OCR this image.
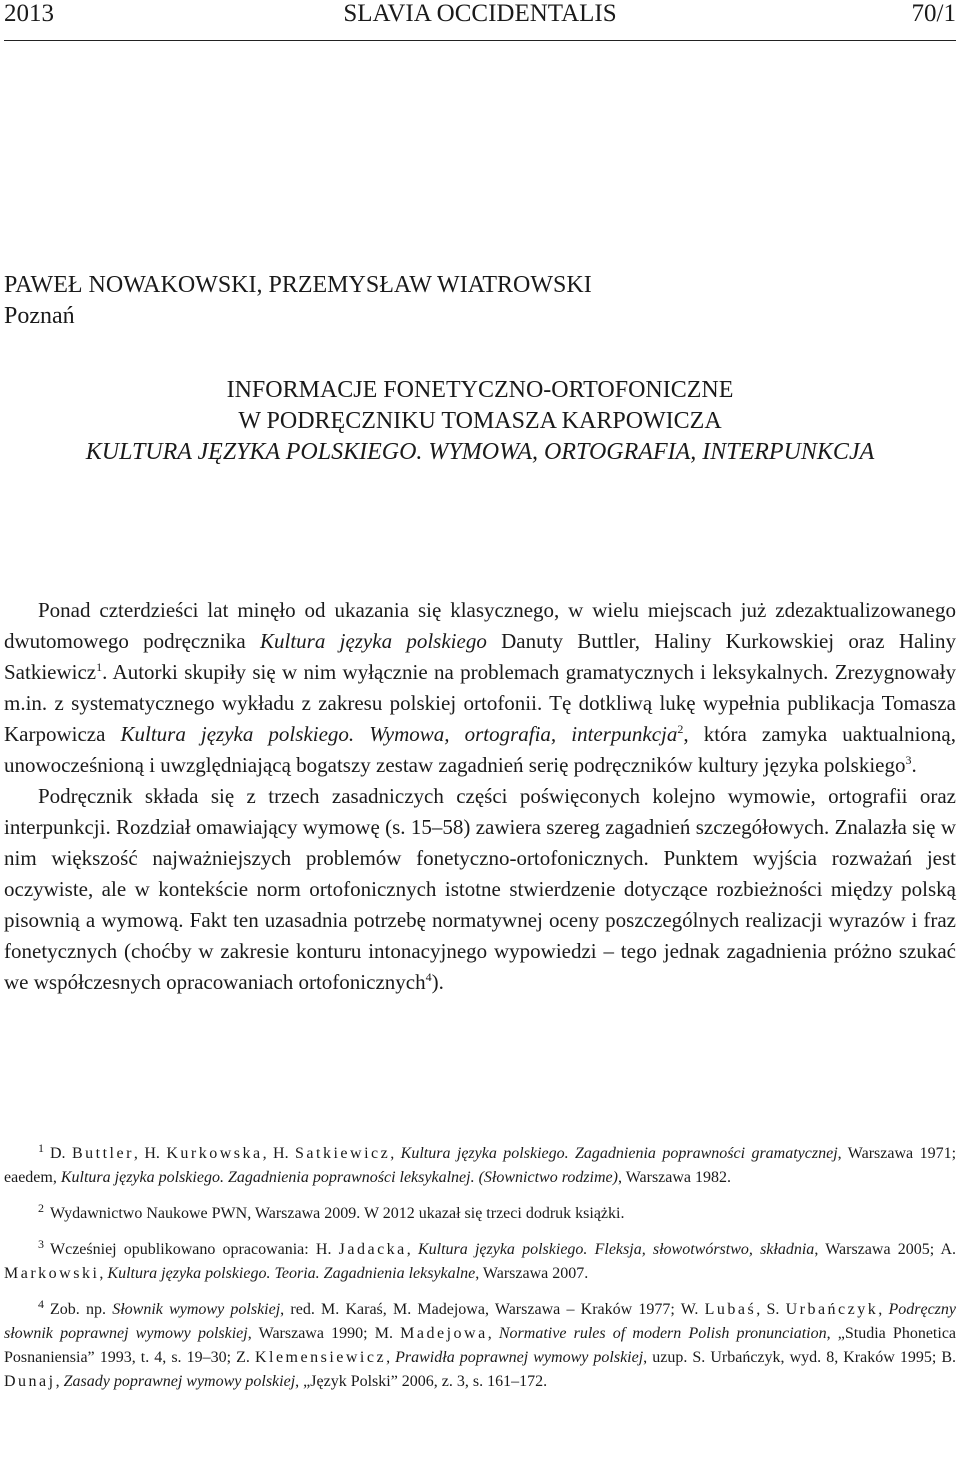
2013	SLAVIA OCCIDENTALIS	70/1
PAWEŁ NOWAKOWSKI, PRZEMYSŁAW WIATROWSKI
Poznań
INFORMACJE FONETYCZNO-ORTOFONICZNE
W PODRĘCZNIKU TOMASZA KARPOWICZA
KULTURA JĘZYKA POLSKIEGO. WYMOWA, ORTOGRAFIA, INTERPUNKCJA

Ponad czterdzieści lat minęło od ukazania się klasycznego, w wielu miejscach już zdezaktualizowanego dwutomowego podręcznika Kultura języka polskiego Danuty Buttler, Haliny Kurkowskiej oraz Haliny Satkiewicz$^1$. Autorki skupiły się w nim wyłącznie na problemach gramatycznych i leksykalnych. Zrezygnowały m.in. z systematycznego wykładu z zakresu polskiej ortofonii. Tę dotkliwą lukę wypełnia publikacja Tomasza Karpowicza Kultura języka polskiego. Wymowa, ortografia, interpunkcja$^2$, która zamyka uaktualnioną, unowocześnioną i uwzględniającą bogatszy zestaw zagadnień serię podręczników kultury języka polskiego$^3$.

Podręcznik składa się z trzech zasadniczych części poświęconych kolejno wymowie, ortografii oraz interpunkcji. Rozdział omawiający wymowę (s. 15–58) zawiera szereg zagadnień szczegółowych. Znalazła się w nim większość najważniejszych problemów fonetyczno-ortofonicznych. Punktem wyjścia rozważań jest oczywiste, ale w kontekście norm ortofonicznych istotne stwierdzenie dotyczące rozbieżności między polską pisownią a wymową. Fakt ten uzasadnia potrzebę normatywnej oceny poszczególnych realizacji wyrazów i fraz fonetycznych (choćby w zakresie konturu intonacyjnego wypowiedzi – tego jednak zagadnienia próżno szukać we współczesnych opracowaniach ortofonicznych$^4$).

$^1$ D. Buttler, H. Kurkowska, H. Satkiewicz, Kultura języka polskiego. Zagadnienia poprawności gramatycznej, Warszawa 1971; eaedem, Kultura języka polskiego. Zagadnienia poprawności leksykalnej. (Słownictwo rodzime), Warszawa 1982.

$^2$ Wydawnictwo Naukowe PWN, Warszawa 2009. W 2012 ukazał się trzeci dodruk książki.

$^3$ Wcześniej opublikowano opracowania: H. Jadacka, Kultura języka polskiego. Fleksja, słowotwórstwo, składnia, Warszawa 2005; A. Markowski, Kultura języka polskiego. Teoria. Zagadnienia leksykalne, Warszawa 2007.

$^4$ Zob. np. Słownik wymowy polskiej, red. M. Karaś, M. Madejowa, Warszawa – Kraków 1977; W. Lubaś, S. Urbańczyk, Podręczny słownik poprawnej wymowy polskiej, Warszawa 1990; M. Madejowa, Normative rules of modern Polish pronunciation, „Studia Phonetica Posnaniensia” 1993, t. 4, s. 19–30; Z. Klemensiewicz, Prawidła poprawnej wymowy polskiej, uzup. S. Urbańczyk, wyd. 8, Kraków 1995; B. Dunaj, Zasady poprawnej wymowy polskiej, „Język Polski” 2006, z. 3, s. 161–172.
